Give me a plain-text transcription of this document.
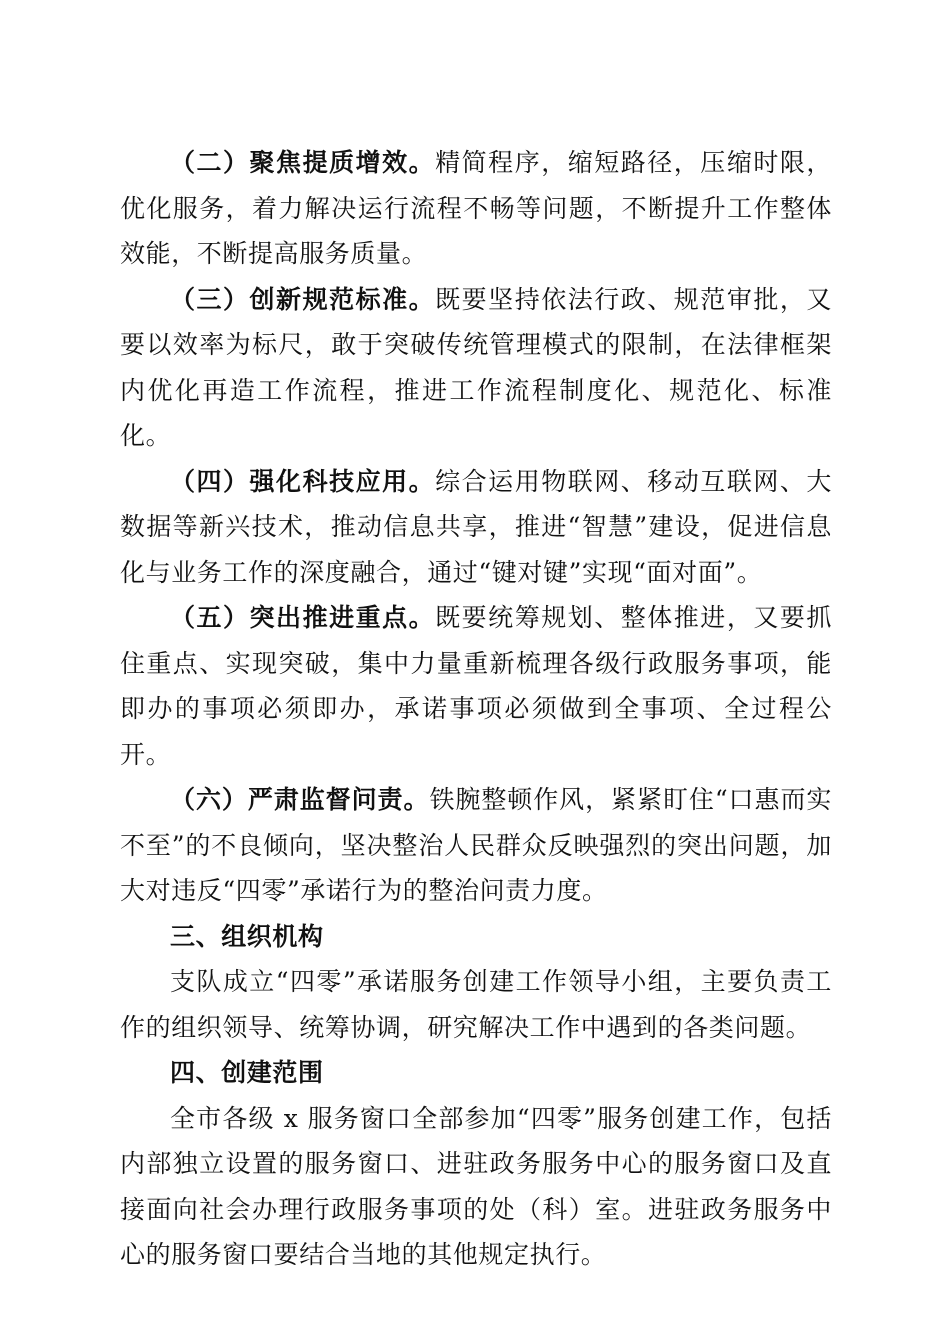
（二）聚焦提质增效。精简程序，缩短路径，压缩时限，优化服务，着力解决运行流程不畅等问题，不断提升工作整体效能，不断提高服务质量。

（三）创新规范标准。既要坚持依法行政、规范审批，又要以效率为标尺，敢于突破传统管理模式的限制，在法律框架内优化再造工作流程，推进工作流程制度化、规范化、标准化。

（四）强化科技应用。综合运用物联网、移动互联网、大数据等新兴技术，推动信息共享，推进“智慧”建设，促进信息化与业务工作的深度融合，通过“键对键”实现“面对面”。

（五）突出推进重点。既要统筹规划、整体推进，又要抓住重点、实现突破，集中力量重新梳理各级行政服务事项，能即办的事项必须即办，承诺事项必须做到全事项、全过程公开。

（六）严肃监督问责。铁腕整顿作风，紧紧盯住“口惠而实不至”的不良倾向，坚决整治人民群众反映强烈的突出问题，加大对违反“四零”承诺行为的整治问责力度。

三、组织机构

支队成立“四零”承诺服务创建工作领导小组，主要负责工作的组织领导、统筹协调，研究解决工作中遇到的各类问题。

四、创建范围

全市各级 x 服务窗口全部参加“四零”服务创建工作，包括内部独立设置的服务窗口、进驻政务服务中心的服务窗口及直接面向社会办理行政服务事项的处（科）室。进驻政务服务中心的服务窗口要结合当地的其他规定执行。
